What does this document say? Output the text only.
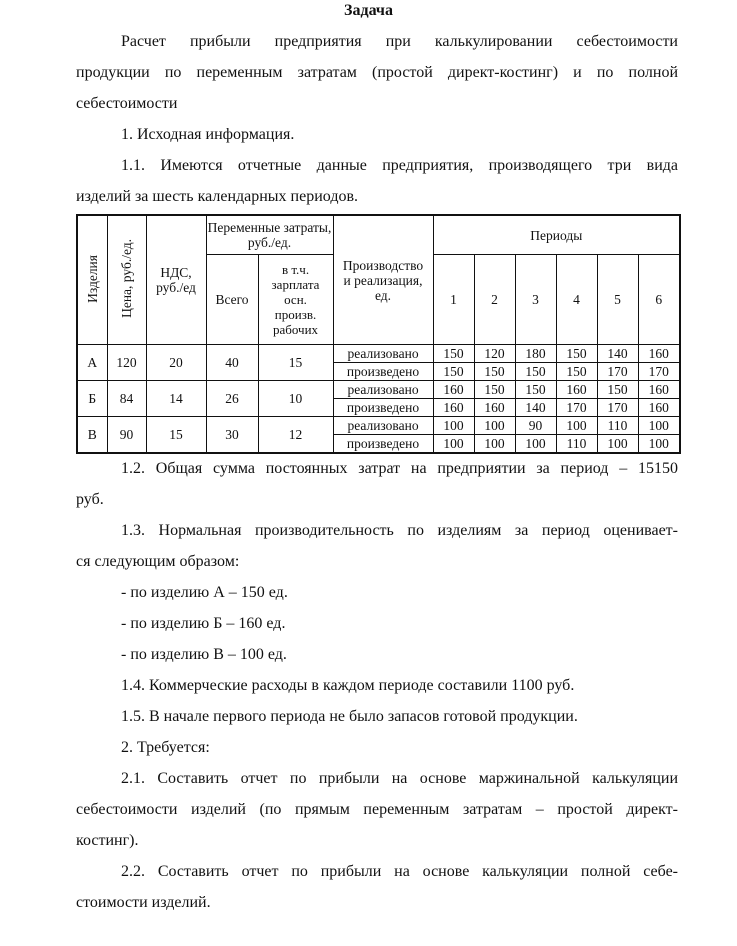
Задача
Расчет прибыли предприятия при калькулировании себестоимости
продукции по переменным затратам (простой директ-костинг) и по полной
себестоимости
1. Исходная информация.
1.1. Имеются отчетные данные предприятия, производящего три вида
изделий за шесть календарных периодов.
Изделия	Цена, руб./ед.	НДС, руб./ед	Переменные затраты, руб./ед.		Производство и реализация, ед.	Периоды					
			Всего	в т.ч. зарплата осн. произв. рабочих		1	2	3	4	5	6
А	120	20	40	15	реализовано	150	120	180	150	140	160
					произведено	150	150	150	150	170	170
Б	84	14	26	10	реализовано	160	150	150	160	150	160
					произведено	160	160	140	170	170	160
В	90	15	30	12	реализовано	100	100	90	100	110	100
					произведено	100	100	100	110	100	100
1.2. Общая сумма постоянных затрат на предприятии за период – 15150
руб.
1.3. Нормальная производительность по изделиям за период оценивает-
ся следующим образом:
- по изделию А – 150 ед.
- по изделию Б – 160 ед.
- по изделию В – 100 ед.
1.4. Коммерческие расходы в каждом периоде составили 1100 руб.
1.5. В начале первого периода не было запасов готовой продукции.
2. Требуется:
2.1. Составить отчет по прибыли на основе маржинальной калькуляции
себестоимости изделий (по прямым переменным затратам – простой директ-
костинг).
2.2. Составить отчет по прибыли на основе калькуляции полной себе-
стоимости изделий.
